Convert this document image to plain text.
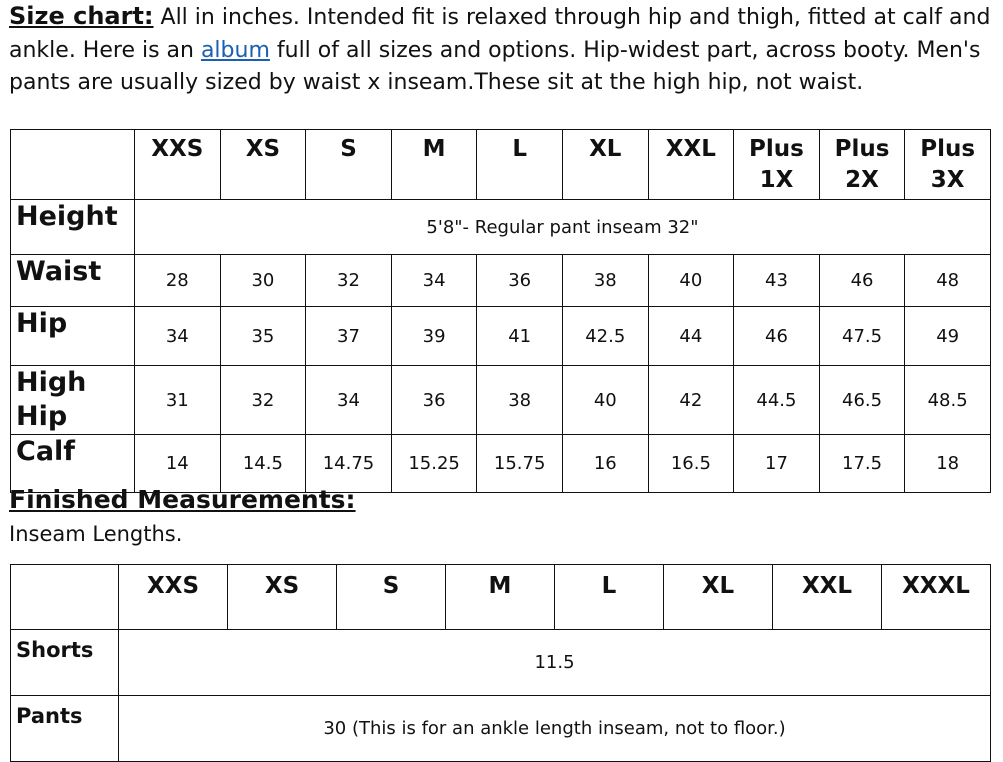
Size chart: All in inches. Intended fit is relaxed through hip and thigh, fitted at calf and ankle. Here is an album full of all sizes and options. Hip-widest part, across booty. Men's pants are usually sized by waist x inseam.These sit at the high hip, not waist.
	XXS	XS	S	M	L	XL	XXL	Plus 1X	Plus 2X	Plus 3X
Height	5'8"- Regular pant inseam 32"									
Waist	28	30	32	34	36	38	40	43	46	48
Hip	34	35	37	39	41	42.5	44	46	47.5	49
High Hip	31	32	34	36	38	40	42	44.5	46.5	48.5
Calf	14	14.5	14.75	15.25	15.75	16	16.5	17	17.5	18
Finished Measurements:
Inseam Lengths.
	XXS	XS	S	M	L	XL	XXL	XXXL
Shorts	11.5							
Pants	30 (This is for an ankle length inseam, not to floor.)							
